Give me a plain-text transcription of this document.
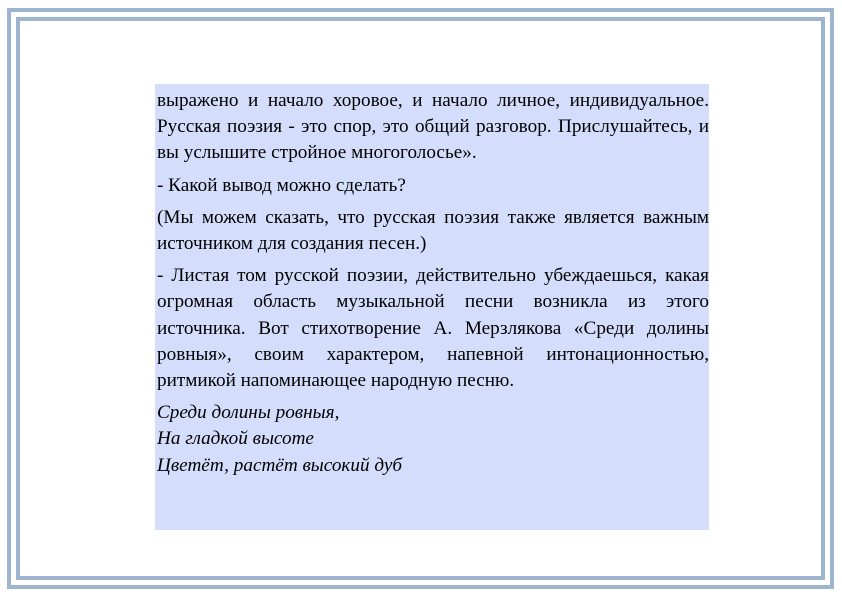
выражено и начало хоровое, и начало личное, индивидуальное. Русская поэзия - это спор, это общий разговор. Прислушайтесь, и вы услышите стройное многоголосье».

- Какой вывод можно сделать?

(Мы можем сказать, что русская поэзия также является важным источником для создания песен.)

- Листая том русской поэзии, действительно убеждаешься, какая огромная область музыкальной песни возникла из этого источника. Вот стихотворение А. Мерзлякова «Среди долины ровныя», своим характером, напевной интонационностью, ритмикой напоминающее народную песню.

Среди долины ровныя,
На гладкой высоте
Цветёт, растёт высокий дуб
